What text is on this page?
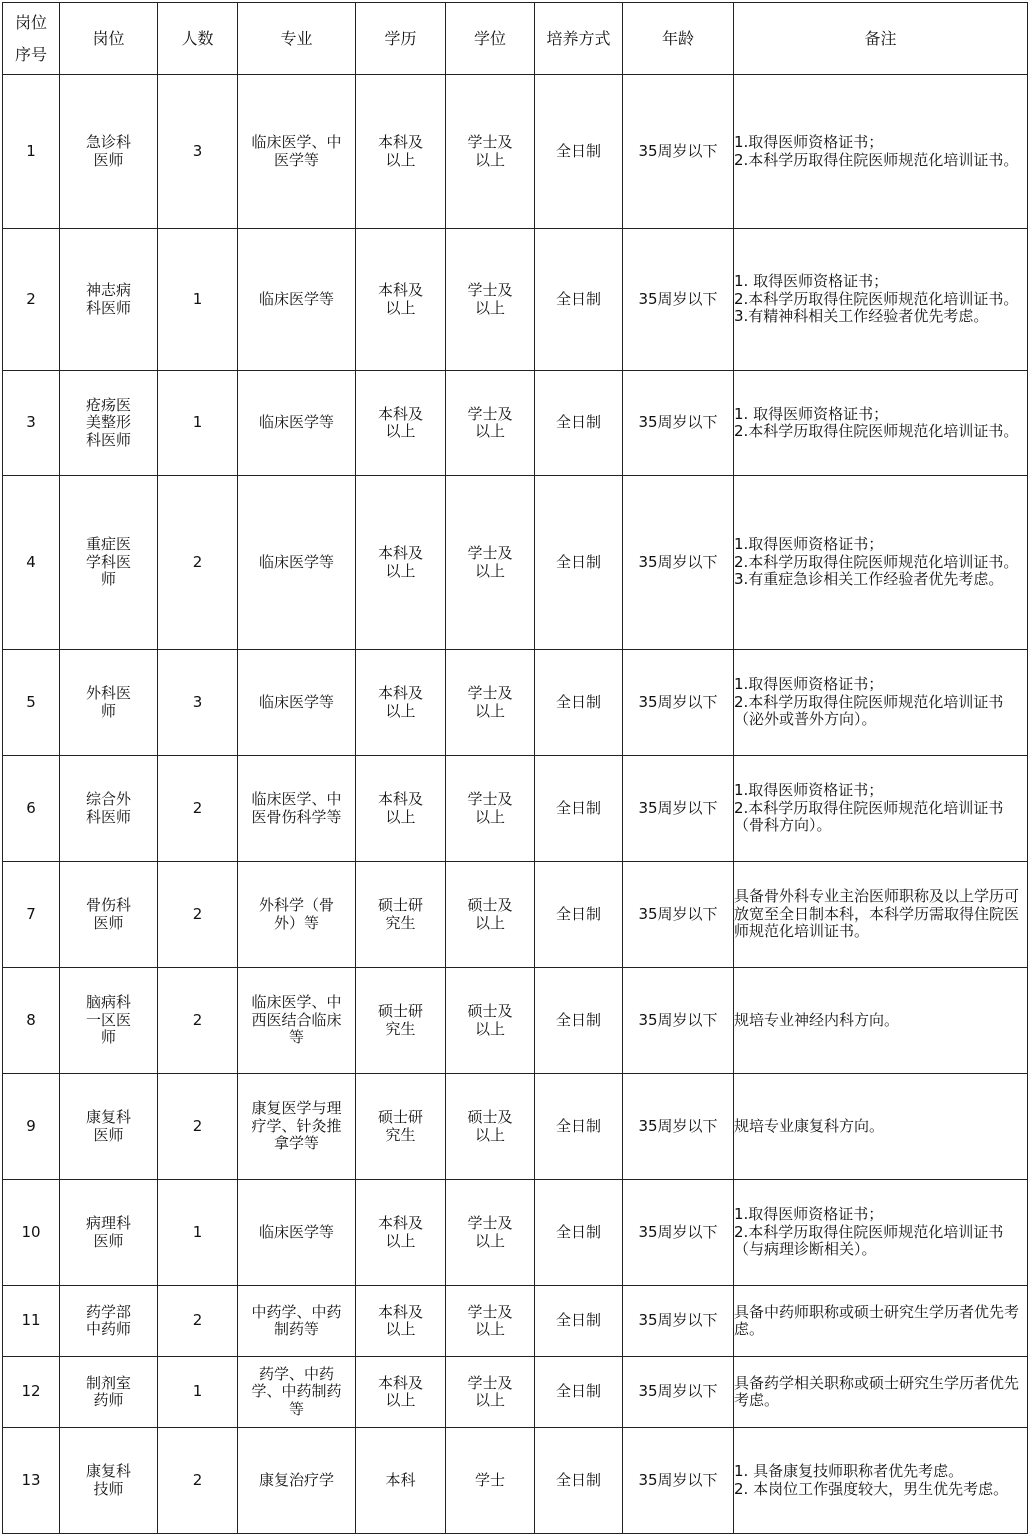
岗位
序号	岗位	人数	专业	学历	学位	培养方式	年龄	备注

1	急诊科医师	3	临床医学、中医学等	本科及以上	学士及以上	全日制	35周岁以下	1.取得医师资格证书；
2.本科学历取得住院医师规范化培训证书。

2	神志病科医师	1	临床医学等	本科及以上	学士及以上	全日制	35周岁以下	1. 取得医师资格证书；
2.本科学历取得住院医师规范化培训证书。
3.有精神科相关工作经验者优先考虑。

3	疮疡医美整形科医师	1	临床医学等	本科及以上	学士及以上	全日制	35周岁以下	1. 取得医师资格证书；
2.本科学历取得住院医师规范化培训证书。

4	重症医学科医师	2	临床医学等	本科及以上	学士及以上	全日制	35周岁以下	1.取得医师资格证书；
2.本科学历取得住院医师规范化培训证书。
3.有重症急诊相关工作经验者优先考虑。

5	外科医师	3	临床医学等	本科及以上	学士及以上	全日制	35周岁以下	1.取得医师资格证书；
2.本科学历取得住院医师规范化培训证书（泌外或普外方向）。

6	综合外科医师	2	临床医学、中医骨伤科学等	本科及以上	学士及以上	全日制	35周岁以下	1.取得医师资格证书；
2.本科学历取得住院医师规范化培训证书（骨科方向）。

7	骨伤科医师	2	外科学（骨外）等	硕士研究生	硕士及以上	全日制	35周岁以下	具备骨外科专业主治医师职称及以上学历可放宽至全日制本科，本科学历需取得住院医师规范化培训证书。

8	脑病科一区医师	2	临床医学、中西医结合临床等	硕士研究生	硕士及以上	全日制	35周岁以下	规培专业神经内科方向。

9	康复科医师	2	康复医学与理疗学、针灸推拿学等	硕士研究生	硕士及以上	全日制	35周岁以下	规培专业康复科方向。

10	病理科医师	1	临床医学等	本科及以上	学士及以上	全日制	35周岁以下	1.取得医师资格证书；
2.本科学历取得住院医师规范化培训证书（与病理诊断相关）。

11	药学部中药师	2	中药学、中药制药等	本科及以上	学士及以上	全日制	35周岁以下	具备中药师职称或硕士研究生学历者优先考虑。

12	制剂室药师	1	药学、中药学、中药制药等	本科及以上	学士及以上	全日制	35周岁以下	具备药学相关职称或硕士研究生学历者优先考虑。

13	康复科技师	2	康复治疗学	本科	学士	全日制	35周岁以下	1. 具备康复技师职称者优先考虑。
2. 本岗位工作强度较大，男生优先考虑。
